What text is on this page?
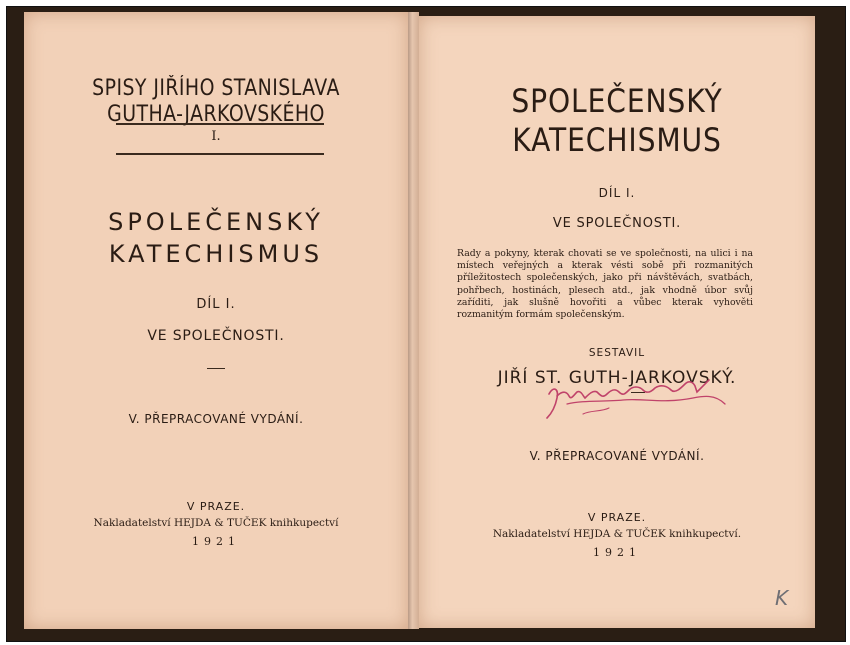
SPISY JIŘÍHO STANISLAVA
GUTHA-JARKOVSKÉHO
I.
SPOLEČENSKÝ
KATECHISMUS
DÍL I.
VE SPOLEČNOSTI.
V. PŘEPRACOVANÉ VYDÁNÍ.
V PRAZE.
Nakladatelství HEJDA & TUČEK knihkupectví
1921
SPOLEČENSKÝ
KATECHISMUS
DÍL I.
VE SPOLEČNOSTI.
Rady a pokyny, kterak chovati se ve společnosti, na ulici i na místech veřejných a kterak vésti sobě při rozmanitých příležitostech společenských, jako při návštěvách, svatbách, pohřbech, hostinách, plesech atd., jak vhodně úbor svůj zaříditi, jak slušně hovořiti a vůbec kterak vyhověti rozmanitým formám společenským.
SESTAVIL
JIŘÍ ST. GUTH-JARKOVSKÝ.
V. PŘEPRACOVANÉ VYDÁNÍ.
V PRAZE.
Nakladatelství HEJDA & TUČEK knihkupectví.
1921
K
